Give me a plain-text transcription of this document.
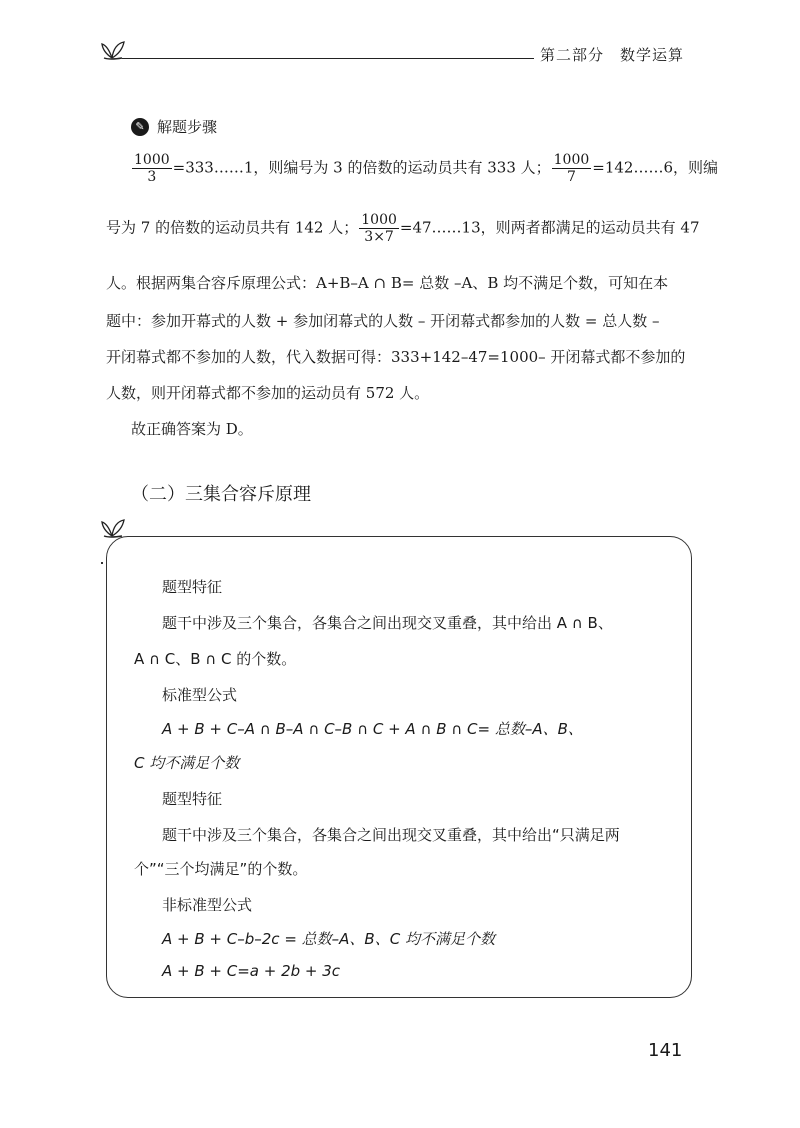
第二部分　数学运算
✎ 解题步骤
$\frac{1000}{3}$ =333……1，则编号为 3 的倍数的运动员共有 333 人； $\frac{1000}{7}$ =142……6，则编
号为 7 的倍数的运动员共有 142 人； $\frac{1000}{3\times 7}$ =47……13，则两者都满足的运动员共有 47
人。根据两集合容斥原理公式：A+B–A ∩ B= 总数 –A、B 均不满足个数，可知在本
题中：参加开幕式的人数 + 参加闭幕式的人数 – 开闭幕式都参加的人数 = 总人数 –
开闭幕式都不参加的人数，代入数据可得：333+142–47=1000– 开闭幕式都不参加的
人数，则开闭幕式都不参加的运动员有 572 人。
故正确答案为 D。
（二）三集合容斥原理
题型特征
题干中涉及三个集合，各集合之间出现交叉重叠，其中给出 A ∩ B、
A ∩ C、B ∩ C 的个数。
标准型公式
A + B + C–A ∩ B–A ∩ C–B ∩ C + A ∩ B ∩ C= 总数–A、B、
C 均不满足个数
题型特征
题干中涉及三个集合，各集合之间出现交叉重叠，其中给出“只满足两
个”“三个均满足”的个数。
非标准型公式
A + B + C–b–2c = 总数–A、B、C 均不满足个数
A + B + C=a + 2b + 3c
141
